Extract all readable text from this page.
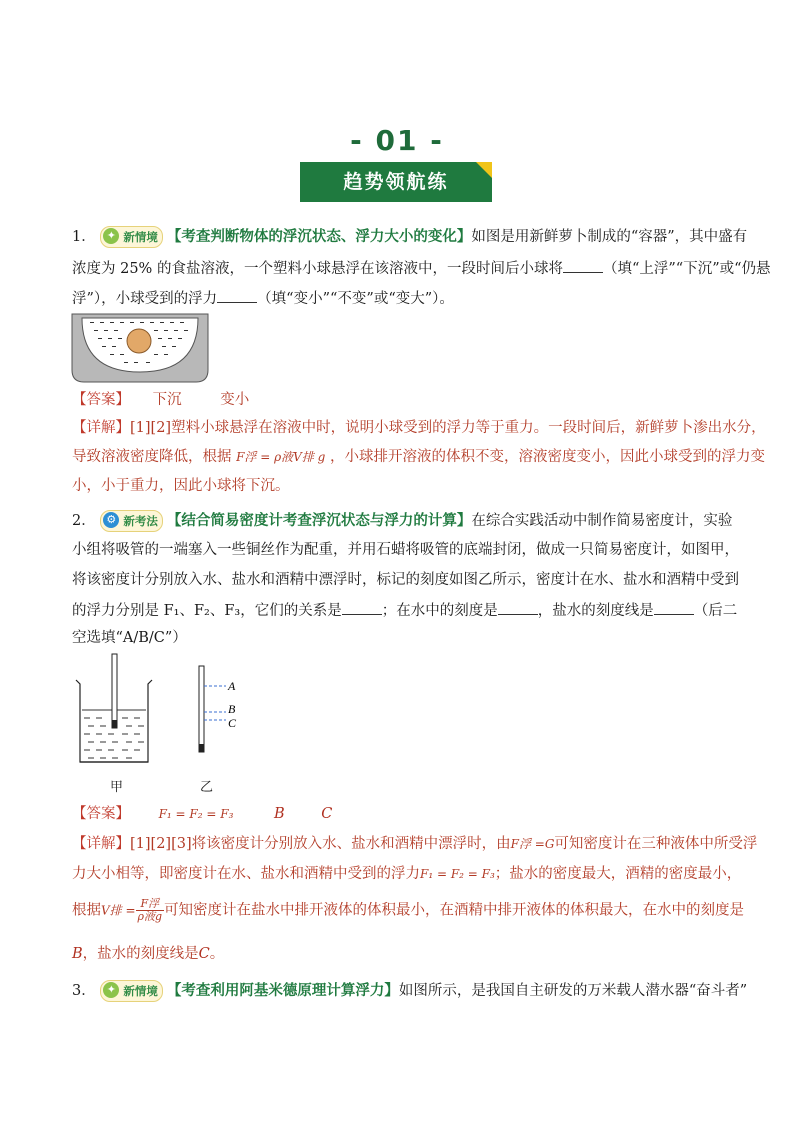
- 01 -
趋势领航练
1．	✦ 新情境 【考查判断物体的浮沉状态、浮力大小的变化】如图是用新鲜萝卜制成的“容器”，其中盛有
浓度为 25% 的食盐溶液，一个塑料小球悬浮在该溶液中，一段时间后小球将	（填“上浮”“下沉”或“仍悬
浮”），小球受到的浮力	（填“变小”“不变”或“变大”）。
【答案】 下沉	变小
【详解】[1][2]塑料小球悬浮在溶液中时，说明小球受到的浮力等于重力。一段时间后，新鲜萝卜渗出水分，
导致溶液密度降低，根据 F浮 = ρ液V排 g ，小球排开溶液的体积不变，溶液密度变小，因此小球受到的浮力变
小，小于重力，因此小球将下沉。
2． ⚙ 新考法 【结合简易密度计考查浮沉状态与浮力的计算】在综合实践活动中制作简易密度计，实验
小组将吸管的一端塞入一些铜丝作为配重，并用石蜡将吸管的底端封闭，做成一只简易密度计，如图甲，
将该密度计分别放入水、盐水和酒精中漂浮时，标记的刻度如图乙所示，密度计在水、盐水和酒精中受到
的浮力分别是 F₁、F₂、F₃，它们的关系是	；在水中的刻度是	，盐水的刻度线是	（后二
空选填“A/B/C”）
A
B
C
甲	乙
【答案】 F₁ = F₂ = F₃	B	C
【详解】[1][2][3]将该密度计分别放入水、盐水和酒精中漂浮时，由F浮 =G可知密度计在三种液体中所受浮
力大小相等，即密度计在水、盐水和酒精中受到的浮力F₁ = F₂ = F₃；盐水的密度最大，酒精的密度最小，
根据V排 = $\frac{\text{F浮}}{\text{ρ液g}}$ 可知密度计在盐水中排开液体的体积最小，在酒精中排开液体的体积最大，在水中的刻度是
B，盐水的刻度线是C。
3．	✦ 新情境 【考查利用阿基米德原理计算浮力】如图所示，是我国自主研发的万米载人潜水器“奋斗者”
